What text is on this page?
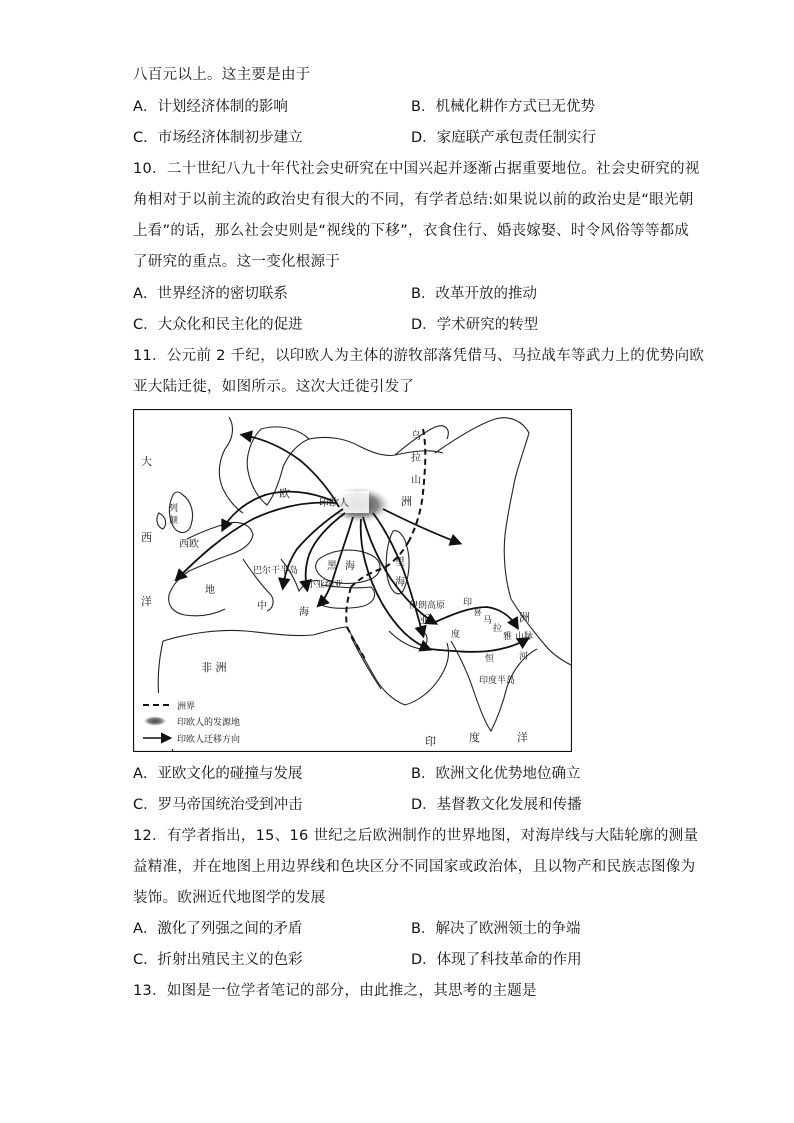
八百元以上。这主要是由于
A．计划经济体制的影响	B．机械化耕作方式已无优势
C．市场经济体制初步建立	D．家庭联产承包责任制实行
10．二十世纪八九十年代社会史研究在中国兴起并逐渐占据重要地位。社会史研究的视
角相对于以前主流的政治史有很大的不同，有学者总结:如果说以前的政治史是“眼光朝
上看”的话，那么社会史则是“视线的下移”，衣食住行、婚丧嫁娶、时令风俗等等都成
了研究的重点。这一变化根源于
A．世界经济的密切联系	B．改革开放的推动
C．大众化和民主化的促进	D．学术研究的转型
11．公元前 2 千纪，以印欧人为主体的游牧部落凭借马、马拉战车等武力上的优势向欧
亚大陆迁徙，如图所示。这次大迁徙引发了
印欧人
大
西
洋
列
颠
西欧
欧
洲
乌
拉
山
巴尔干半岛
小亚细亚
黑 海
地
中
海
里
海
伊朗高原
亚	洲
非 洲
印
喜
马
拉
雅 山脉
度
恒	河
印度半岛
印	度	洋
洲界
印欧人的发源地
印欧人迁移方向
A．亚欧文化的碰撞与发展	B．欧洲文化优势地位确立
C．罗马帝国统治受到冲击	D．基督教文化发展和传播
12．有学者指出，15、16 世纪之后欧洲制作的世界地图，对海岸线与大陆轮廓的测量
益精准，并在地图上用边界线和色块区分不同国家或政治体，且以物产和民族志图像为
装饰。欧洲近代地图学的发展
A．激化了列强之间的矛盾	B．解决了欧洲领土的争端
C．折射出殖民主义的色彩	D．体现了科技革命的作用
13．如图是一位学者笔记的部分，由此推之，其思考的主题是
